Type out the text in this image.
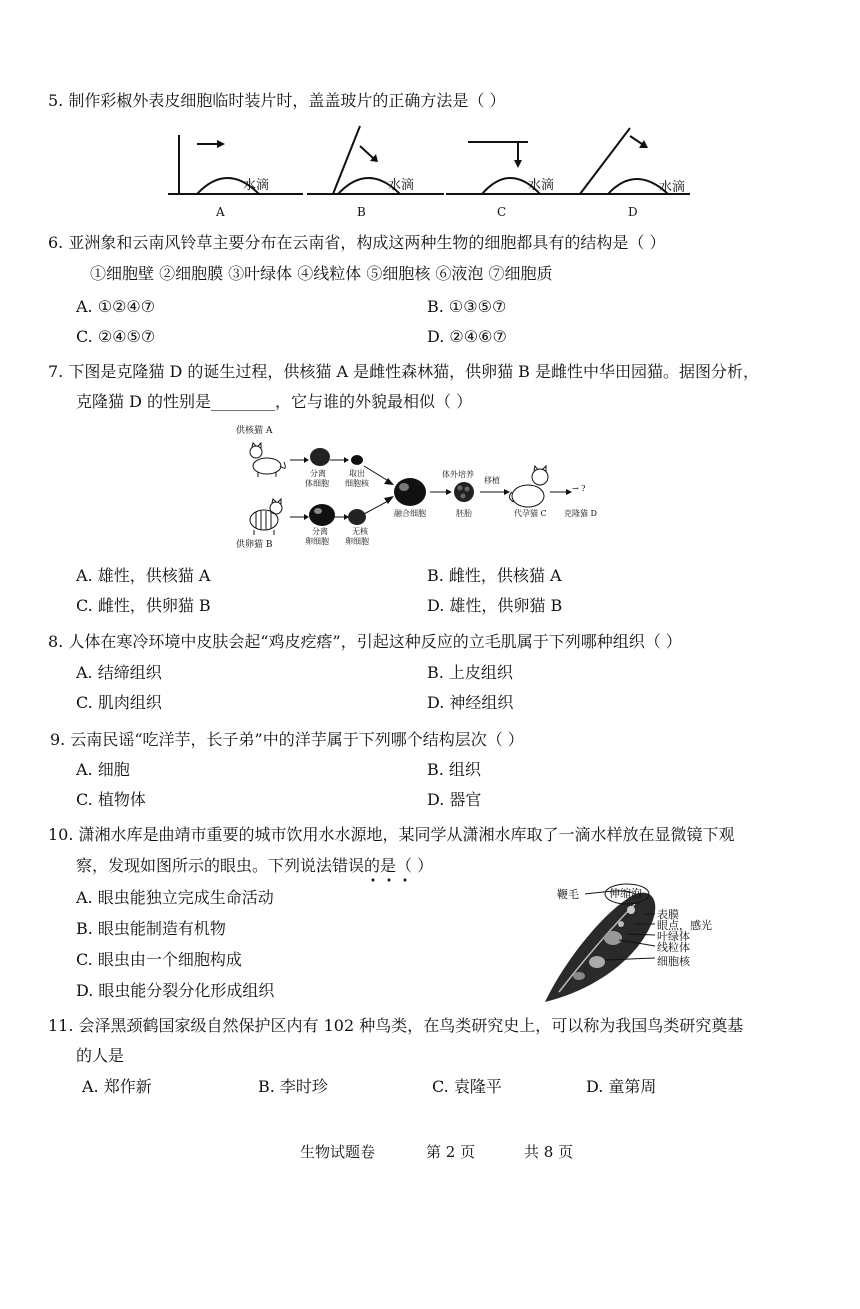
5. 制作彩椒外表皮细胞临时装片时，盖盖玻片的正确方法是（ ）
水滴
A
水滴
B
水滴
C
水滴
D
6. 亚洲象和云南风铃草主要分布在云南省，构成这两种生物的细胞都具有的结构是（ ）
①细胞壁 ②细胞膜 ③叶绿体 ④线粒体 ⑤细胞核 ⑥液泡 ⑦细胞质
A. ①②④⑦	B. ①③⑤⑦
C. ②④⑤⑦	D. ②④⑥⑦
7. 下图是克隆猫 D 的诞生过程，供核猫 A 是雌性森林猫，供卵猫 B 是雌性中华田园猫。据图分析，
克隆猫 D 的性别是________，它与谁的外貌最相似（ ）
供核猫 A
分离
体细胞
取出
细胞核
体外培养
移植
→ ?
融合细胞	胚胎	代孕猫 C 克隆猫 D
分离
卵细胞
无核
卵细胞
供卵猫 B
A. 雄性，供核猫 A	B. 雌性，供核猫 A
C. 雌性，供卵猫 B	D. 雄性，供卵猫 B
8. 人体在寒冷环境中皮肤会起“鸡皮疙瘩”，引起这种反应的立毛肌属于下列哪种组织（ ）
A. 结缔组织	B. 上皮组织
C. 肌肉组织	D. 神经组织
9. 云南民谣“吃洋芋，长子弟”中的洋芋属于下列哪个结构层次（ ）
A. 细胞	B. 组织
C. 植物体	D. 器官
10. 潇湘水库是曲靖市重要的城市饮用水水源地，某同学从潇湘水库取了一滴水样放在显微镜下观
察，发现如图所示的眼虫。下列说法错误的是（ ）
A. 眼虫能独立完成生命活动
B. 眼虫能制造有机物
C. 眼虫由一个细胞构成
D. 眼虫能分裂分化形成组织
鞭毛	伸缩泡
表膜
眼点，感光
叶绿体
线粒体
细胞核
11. 会泽黑颈鹤国家级自然保护区内有 102 种鸟类，在鸟类研究史上，可以称为我国鸟类研究奠基
的人是
A. 郑作新	B. 李时珍	C. 袁隆平	D. 童第周
生物试题卷	第 2 页	共 8 页
